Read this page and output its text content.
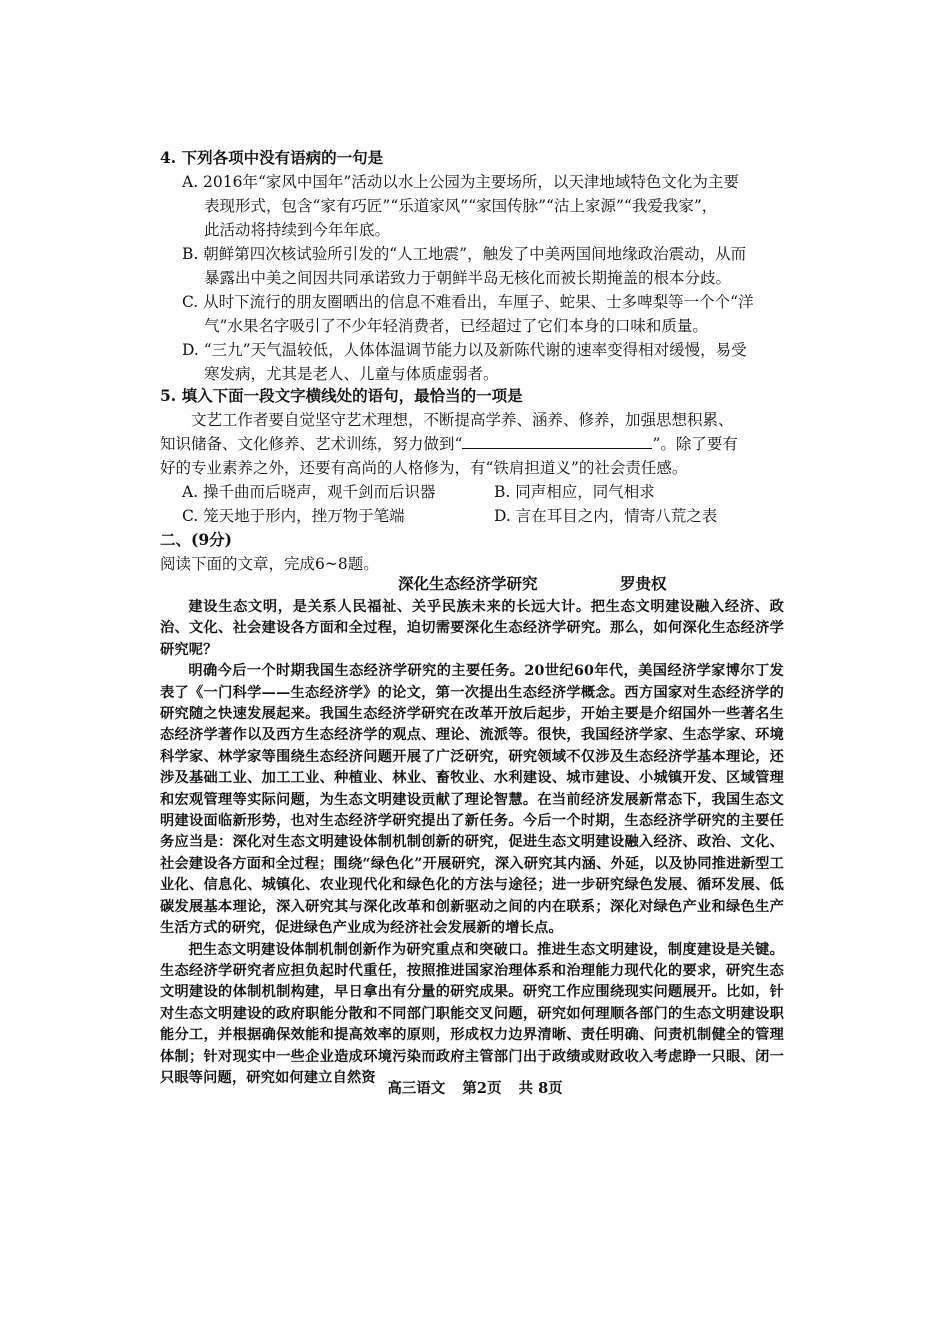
4. 下列各项中没有语病的一句是
A. 2016年“家风中国年”活动以水上公园为主要场所，以天津地域特色文化为主要
表现形式，包含“家有巧匠”“乐道家风”“家国传脉”“沽上家源”“我爱我家”，
此活动将持续到今年年底。
B. 朝鲜第四次核试验所引发的“人工地震”，触发了中美两国间地缘政治震动，从而
暴露出中美之间因共同承诺致力于朝鲜半岛无核化而被长期掩盖的根本分歧。
C. 从时下流行的朋友圈晒出的信息不难看出，车厘子、蛇果、士多啤梨等一个个“洋
气”水果名字吸引了不少年轻消费者，已经超过了它们本身的口味和质量。
D. “三九”天气温较低，人体体温调节能力以及新陈代谢的速率变得相对缓慢，易受
寒发病，尤其是老人、儿童与体质虚弱者。
5. 填入下面一段文字横线处的语句，最恰当的一项是
文艺工作者要自觉坚守艺术理想，不断提高学养、涵养、修养，加强思想积累、
知识储备、文化修养、艺术训练，努力做到“	”。除了要有
好的专业素养之外，还要有高尚的人格修为，有“铁肩担道义”的社会责任感。
A. 操千曲而后晓声，观千剑而后识器	B. 同声相应，同气相求
C. 笼天地于形内，挫万物于笔端	D. 言在耳目之内，情寄八荒之表
二、(9分)
阅读下面的文章，完成6~8题。
深化生态经济学研究	罗贵权

建设生态文明，是关系人民福祉、关乎民族未来的长远大计。把生态文明建设融入经济、政治、文化、社会建设各方面和全过程，迫切需要深化生态经济学研究。那么，如何深化生态经济学研究呢？

明确今后一个时期我国生态经济学研究的主要任务。20世纪60年代，美国经济学家博尔丁发表了《一门科学——生态经济学》的论文，第一次提出生态经济学概念。西方国家对生态经济学的研究随之快速发展起来。我国生态经济学研究在改革开放后起步，开始主要是介绍国外一些著名生态经济学著作以及西方生态经济学的观点、理论、流派等。很快，我国经济学家、生态学家、环境科学家、林学家等围绕生态经济问题开展了广泛研究，研究领域不仅涉及生态经济学基本理论，还涉及基础工业、加工工业、种植业、林业、畜牧业、水利建设、城市建设、小城镇开发、区域管理和宏观管理等实际问题，为生态文明建设贡献了理论智慧。在当前经济发展新常态下，我国生态文明建设面临新形势，也对生态经济学研究提出了新任务。今后一个时期，生态经济学研究的主要任务应当是：深化对生态文明建设体制机制创新的研究，促进生态文明建设融入经济、政治、文化、社会建设各方面和全过程；围绕“绿色化”开展研究，深入研究其内涵、外延，以及协同推进新型工业化、信息化、城镇化、农业现代化和绿色化的方法与途径；进一步研究绿色发展、循环发展、低碳发展基本理论，深入研究其与深化改革和创新驱动之间的内在联系；深化对绿色产业和绿色生产生活方式的研究，促进绿色产业成为经济社会发展新的增长点。

把生态文明建设体制机制创新作为研究重点和突破口。推进生态文明建设，制度建设是关键。生态经济学研究者应担负起时代重任，按照推进国家治理体系和治理能力现代化的要求，研究生态文明建设的体制机制构建，早日拿出有分量的研究成果。研究工作应围绕现实问题展开。比如，针对生态文明建设的政府职能分散和不同部门职能交叉问题，研究如何理顺各部门的生态文明建设职能分工，并根据确保效能和提高效率的原则，形成权力边界清晰、责任明确、问责机制健全的管理体制；针对现实中一些企业造成环境污染而政府主管部门出于政绩或财政收入考虑睁一只眼、闭一只眼等问题，研究如何建立自然资

高三语文 第2页 共 8页
